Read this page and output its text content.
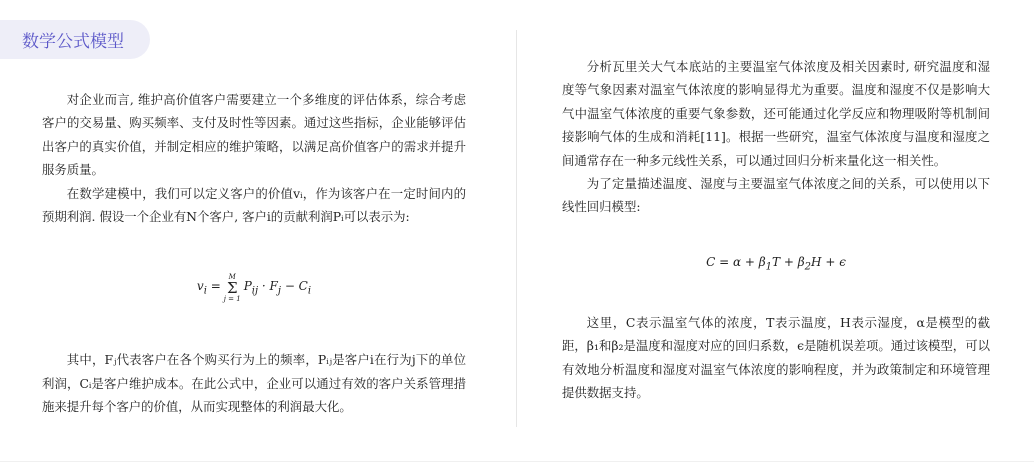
数学公式模型

对企业而言, 维护高价值客户需要建立一个多维度的评估体系，综合考虑客户的交易量、购买频率、支付及时性等因素。通过这些指标，企业能够评估出客户的真实价值，并制定相应的维护策略，以满足高价值客户的需求并提升服务质量。

在数学建模中，我们可以定义客户的价值vᵢ，作为该客户在一定时间内的预期利润. 假设一个企业有N个客户, 客户i的贡献利润Pᵢ可以表示为:

$v_i$ =
M
Σ
j = 1
$P_{ij} \cdot F_j - C_i$

其中，Fⱼ代表客户在各个购买行为上的频率，Pᵢⱼ是客户i在行为j下的单位利润，Cᵢ是客户维护成本。在此公式中，企业可以通过有效的客户关系管理措施来提升每个客户的价值，从而实现整体的利润最大化。

分析瓦里关大气本底站的主要温室气体浓度及相关因素时, 研究温度和湿度等气象因素对温室气体浓度的影响显得尤为重要。温度和湿度不仅是影响大气中温室气体浓度的重要气象参数，还可能通过化学反应和物理吸附等机制间接影响气体的生成和消耗[11]。根据一些研究，温室气体浓度与温度和湿度之间通常存在一种多元线性关系，可以通过回归分析来量化这一相关性。

为了定量描述温度、湿度与主要温室气体浓度之间的关系，可以使用以下线性回归模型:

$C = \alpha + \beta_1T + \beta_2H + \epsilon$

这里，C表示温室气体的浓度，T表示温度，H表示湿度，α是模型的截距，β₁和β₂是温度和湿度对应的回归系数，ϵ是随机误差项。通过该模型，可以有效地分析温度和湿度对温室气体浓度的影响程度，并为政策制定和环境管理提供数据支持。
